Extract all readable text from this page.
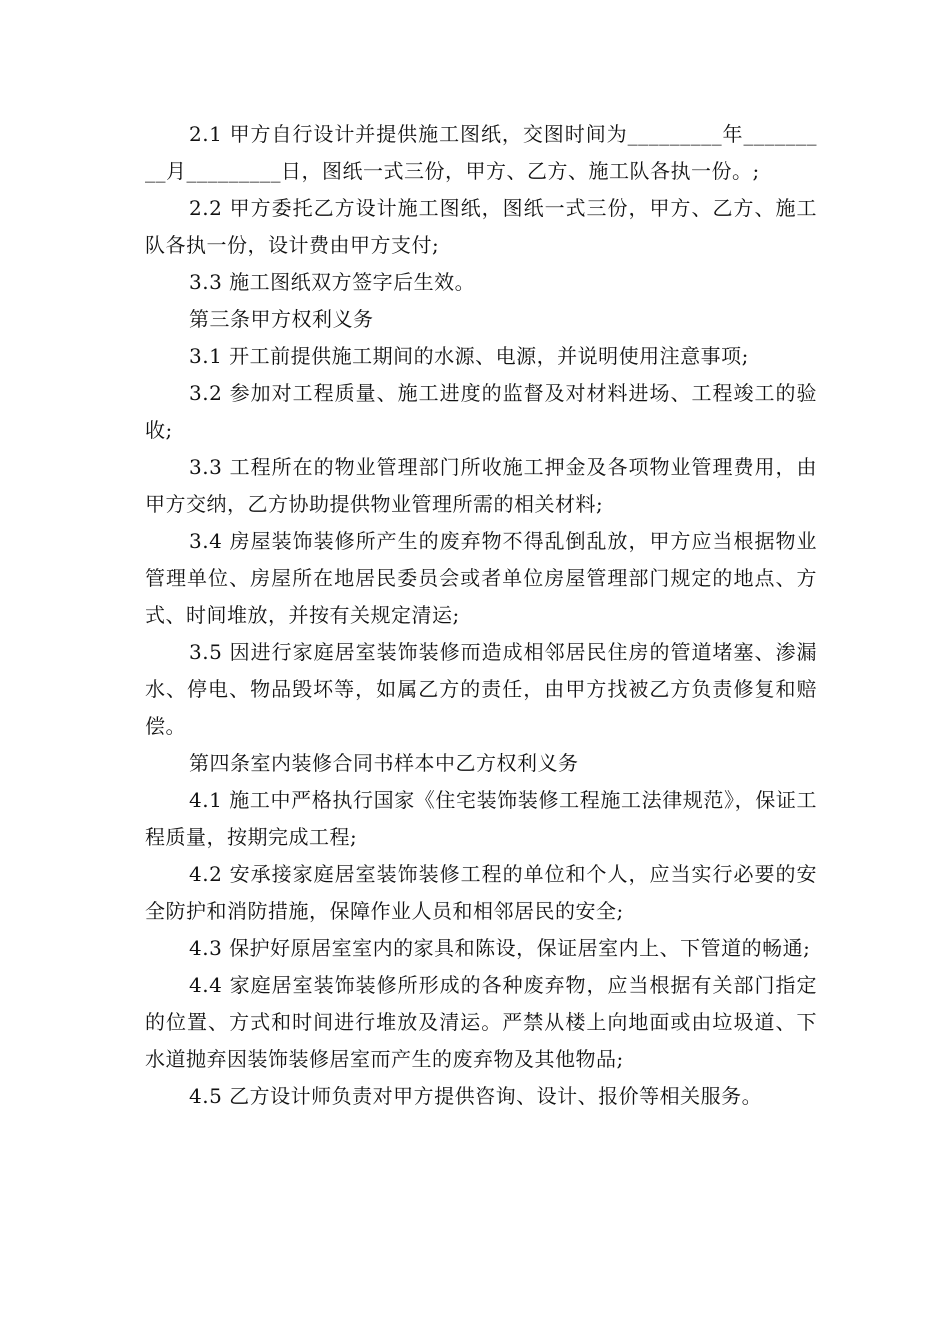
2.1 甲方自行设计并提供施工图纸，交图时间为_________年_________月_________日，图纸一式三份，甲方、乙方、施工队各执一份。;

2.2 甲方委托乙方设计施工图纸，图纸一式三份，甲方、乙方、施工队各执一份，设计费由甲方支付;

3.3 施工图纸双方签字后生效。

第三条甲方权利义务

3.1 开工前提供施工期间的水源、电源，并说明使用注意事项;

3.2 参加对工程质量、施工进度的监督及对材料进场、工程竣工的验收;

3.3 工程所在的物业管理部门所收施工押金及各项物业管理费用，由甲方交纳，乙方协助提供物业管理所需的相关材料;

3.4 房屋装饰装修所产生的废弃物不得乱倒乱放，甲方应当根据物业管理单位、房屋所在地居民委员会或者单位房屋管理部门规定的地点、方式、时间堆放，并按有关规定清运;

3.5 因进行家庭居室装饰装修而造成相邻居民住房的管道堵塞、渗漏水、停电、物品毁坏等，如属乙方的责任，由甲方找被乙方负责修复和赔偿。

第四条室内装修合同书样本中乙方权利义务

4.1 施工中严格执行国家《住宅装饰装修工程施工法律规范》，保证工程质量，按期完成工程;

4.2 安承接家庭居室装饰装修工程的单位和个人，应当实行必要的安全防护和消防措施，保障作业人员和相邻居民的安全;

4.3 保护好原居室室内的家具和陈设，保证居室内上、下管道的畅通;

4.4 家庭居室装饰装修所形成的各种废弃物，应当根据有关部门指定的位置、方式和时间进行堆放及清运。严禁从楼上向地面或由垃圾道、下水道抛弃因装饰装修居室而产生的废弃物及其他物品;

4.5 乙方设计师负责对甲方提供咨询、设计、报价等相关服务。
